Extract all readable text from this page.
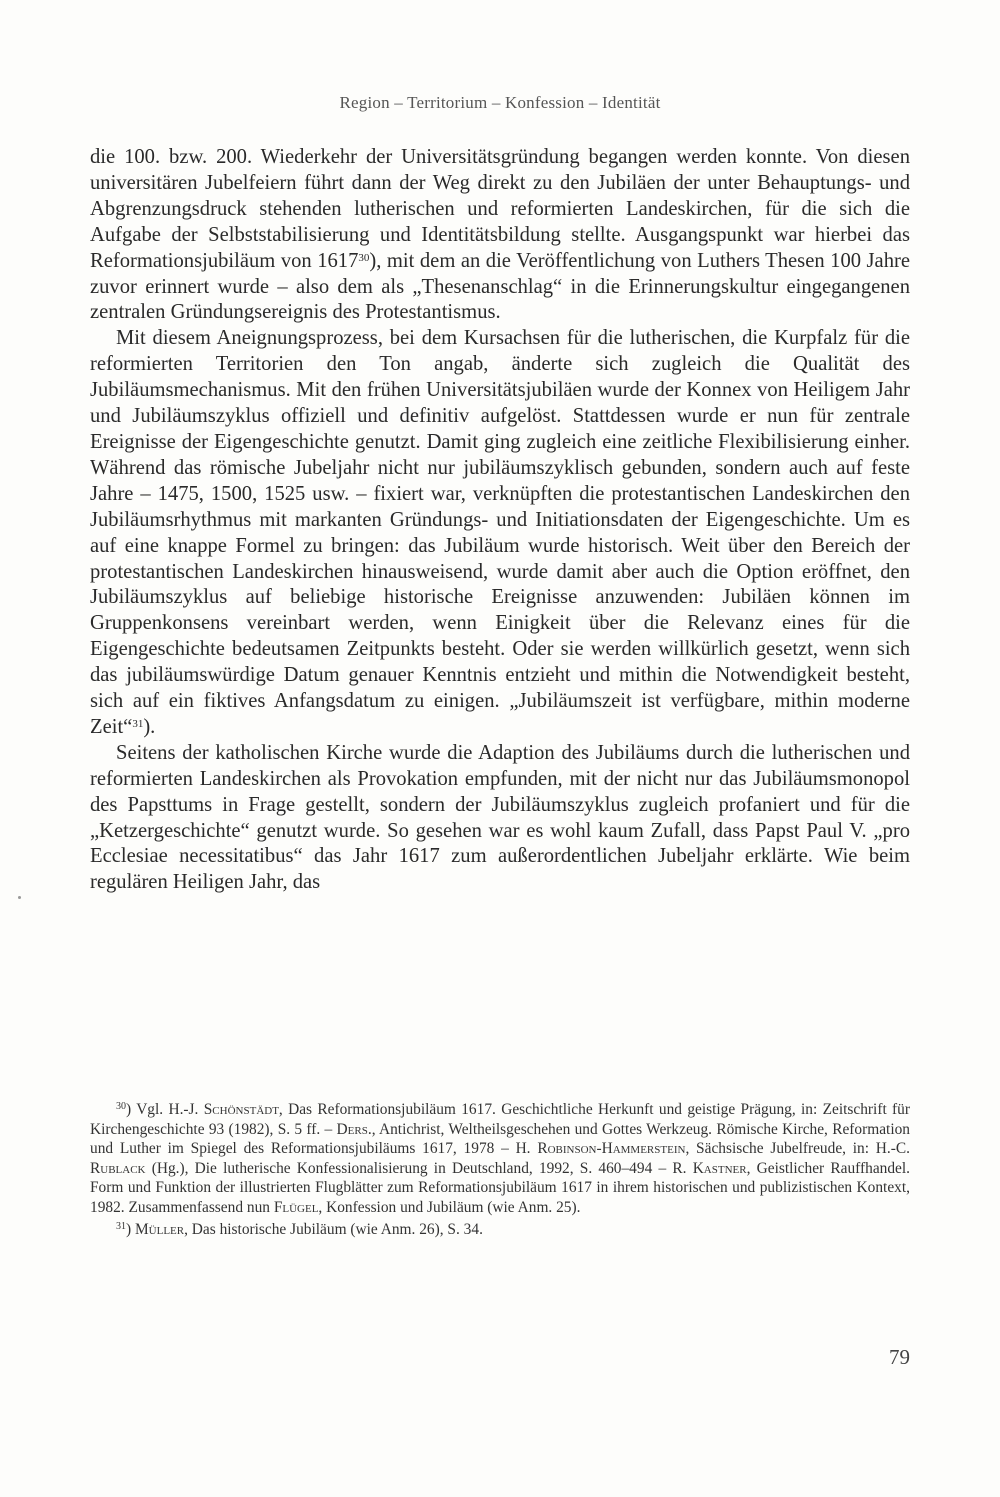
Region – Territorium – Konfession – Identität

die 100. bzw. 200. Wiederkehr der Universitätsgründung begangen werden konnte. Von diesen universitären Jubelfeiern führt dann der Weg direkt zu den Jubiläen der unter Behauptungs- und Abgrenzungsdruck stehenden lutherischen und reformierten Landeskirchen, für die sich die Aufgabe der Selbststabilisierung und Identitätsbildung stellte. Ausgangspunkt war hierbei das Reformationsjubiläum von 1617$^{30}$), mit dem an die Veröffentlichung von Luthers Thesen 100 Jahre zuvor erinnert wurde – also dem als „Thesenanschlag“ in die Erinnerungskultur eingegangenen zentralen Gründungsereignis des Protestantismus.

Mit diesem Aneignungsprozess, bei dem Kursachsen für die lutherischen, die Kurpfalz für die reformierten Territorien den Ton angab, änderte sich zugleich die Qualität des Jubiläumsmechanismus. Mit den frühen Universitätsjubiläen wurde der Konnex von Heiligem Jahr und Jubiläumszyklus offiziell und definitiv aufgelöst. Stattdessen wurde er nun für zentrale Ereignisse der Eigengeschichte genutzt. Damit ging zugleich eine zeitliche Flexibilisierung einher. Während das römische Jubeljahr nicht nur jubiläumszyklisch gebunden, sondern auch auf feste Jahre – 1475, 1500, 1525 usw. – fixiert war, verknüpften die protestantischen Landeskirchen den Jubiläumsrhythmus mit markanten Gründungs- und Initiationsdaten der Eigengeschichte. Um es auf eine knappe Formel zu bringen: das Jubiläum wurde historisch. Weit über den Bereich der protestantischen Landeskirchen hinausweisend, wurde damit aber auch die Option eröffnet, den Jubiläumszyklus auf beliebige historische Ereignisse anzuwenden: Jubiläen können im Gruppenkonsens vereinbart werden, wenn Einigkeit über die Relevanz eines für die Eigengeschichte bedeutsamen Zeitpunkts besteht. Oder sie werden willkürlich gesetzt, wenn sich das jubiläumswürdige Datum genauer Kenntnis entzieht und mithin die Notwendigkeit besteht, sich auf ein fiktives Anfangsdatum zu einigen. „Jubiläumszeit ist verfügbare, mithin moderne Zeit“$^{31}$).

Seitens der katholischen Kirche wurde die Adaption des Jubiläums durch die lutherischen und reformierten Landeskirchen als Provokation empfunden, mit der nicht nur das Jubiläumsmonopol des Papsttums in Frage gestellt, sondern der Jubiläumszyklus zugleich profaniert und für die „Ketzergeschichte“ genutzt wurde. So gesehen war es wohl kaum Zufall, dass Papst Paul V. „pro Ecclesiae necessitatibus“ das Jahr 1617 zum außerordentlichen Jubeljahr erklärte. Wie beim regulären Heiligen Jahr, das

$^{30}$) Vgl. H.-J. Schönstädt, Das Reformationsjubiläum 1617. Geschichtliche Herkunft und geistige Prägung, in: Zeitschrift für Kirchengeschichte 93 (1982), S. 5 ff. – Ders., Antichrist, Weltheilsgeschehen und Gottes Werkzeug. Römische Kirche, Reformation und Luther im Spiegel des Reformationsjubiläums 1617, 1978 – H. Robinson-Hammerstein, Sächsische Jubelfreude, in: H.-C. Rublack (Hg.), Die lutherische Konfessionalisierung in Deutschland, 1992, S. 460–494 – R. Kastner, Geistlicher Rauffhandel. Form und Funktion der illustrierten Flugblätter zum Reformationsjubiläum 1617 in ihrem historischen und publizistischen Kontext, 1982. Zusammenfassend nun Flügel, Konfession und Jubiläum (wie Anm. 25).

$^{31}$) Müller, Das historische Jubiläum (wie Anm. 26), S. 34.

79
